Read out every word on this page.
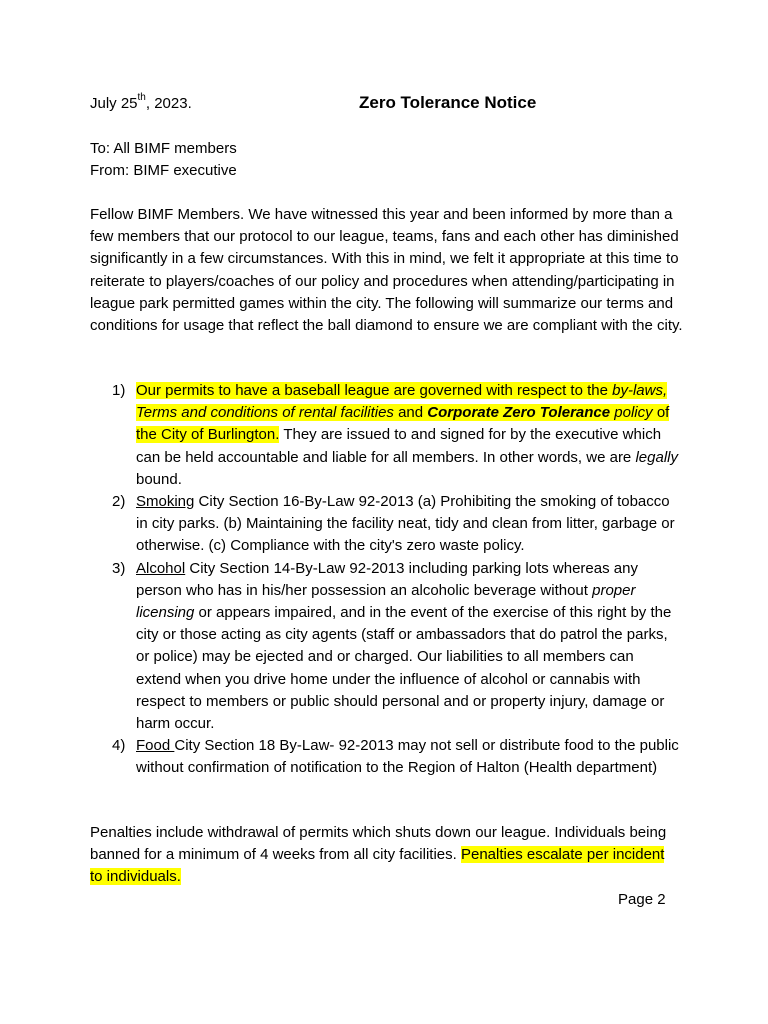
July 25th, 2023.	Zero Tolerance Notice
To: All BIMF members
From: BIMF executive

Fellow BIMF Members. We have witnessed this year and been informed by more than a few members that our protocol to our league, teams, fans and each other has diminished significantly in a few circumstances. With this in mind, we felt it appropriate at this time to reiterate to players/coaches of our policy and procedures when attending/participating in league park permitted games within the city. The following will summarize our terms and conditions for usage that reflect the ball diamond to ensure we are compliant with the city.

1) Our permits to have a baseball league are governed with respect to the by-laws, Terms and conditions of rental facilities and Corporate Zero Tolerance policy of the City of Burlington. They are issued to and signed for by the executive which can be held accountable and liable for all members. In other words, we are legally bound.
2) Smoking City Section 16-By-Law 92-2013 (a) Prohibiting the smoking of tobacco in city parks. (b) Maintaining the facility neat, tidy and clean from litter, garbage or otherwise. (c) Compliance with the city's zero waste policy.
3) Alcohol City Section 14-By-Law 92-2013 including parking lots whereas any person who has in his/her possession an alcoholic beverage without proper licensing or appears impaired, and in the event of the exercise of this right by the city or those acting as city agents (staff or ambassadors that do patrol the parks, or police) may be ejected and or charged. Our liabilities to all members can extend when you drive home under the influence of alcohol or cannabis with respect to members or public should personal and or property injury, damage or harm occur.
4) Food City Section 18 By-Law- 92-2013 may not sell or distribute food to the public without confirmation of notification to the Region of Halton (Health department)

Penalties include withdrawal of permits which shuts down our league. Individuals being banned for a minimum of 4 weeks from all city facilities. Penalties escalate per incident to individuals.

Page 2
